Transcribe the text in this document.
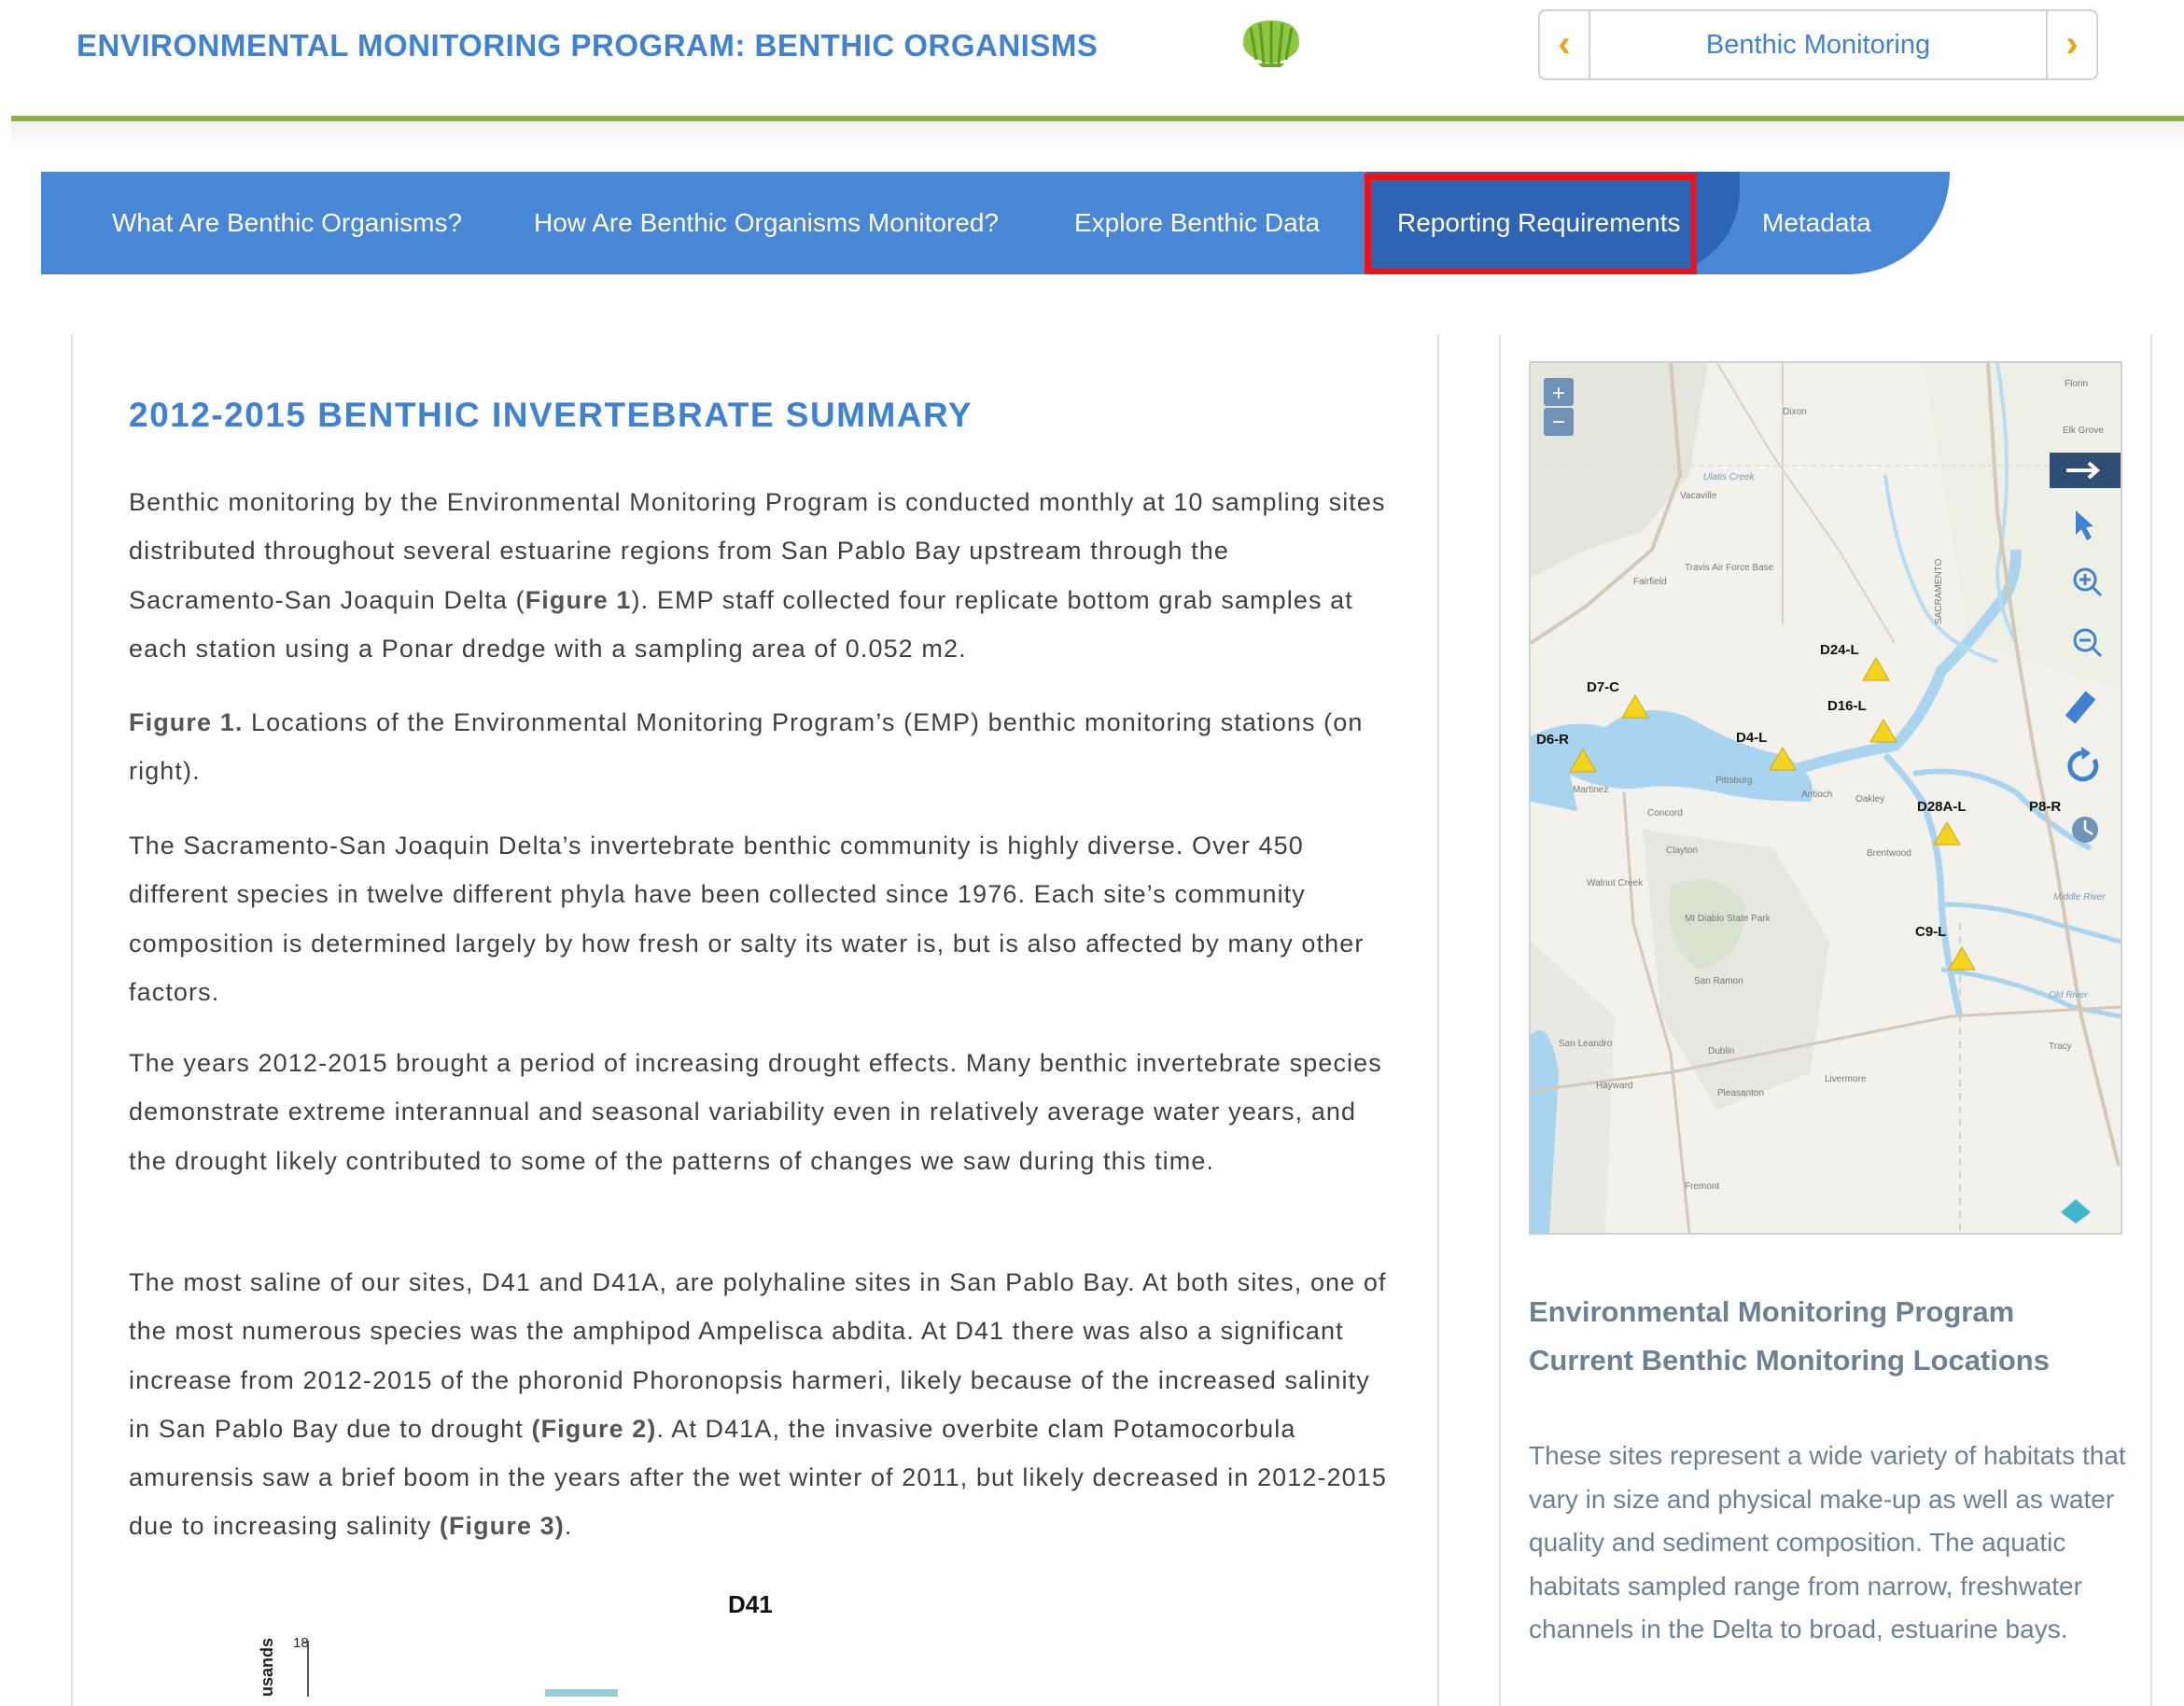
ENVIRONMENTAL MONITORING PROGRAM: BENTHIC ORGANISMS	‹	Benthic Monitoring	›
What Are Benthic Organisms?	How Are Benthic Organisms Monitored?	Explore Benthic Data	Reporting Requirements	Metadata
2012-2015 BENTHIC INVERTEBRATE SUMMARY
Benthic monitoring by the Environmental Monitoring Program is conducted monthly at 10 sampling sites distributed throughout several estuarine regions from San Pablo Bay upstream through the Sacramento-San Joaquin Delta (Figure 1). EMP staff collected four replicate bottom grab samples at each station using a Ponar dredge with a sampling area of 0.052 m2.
Figure 1. Locations of the Environmental Monitoring Program’s (EMP) benthic monitoring stations (on right).
The Sacramento-San Joaquin Delta’s invertebrate benthic community is highly diverse. Over 450 different species in twelve different phyla have been collected since 1976. Each site’s community composition is determined largely by how fresh or salty its water is, but is also affected by many other factors.
The years 2012-2015 brought a period of increasing drought effects. Many benthic invertebrate species demonstrate extreme interannual and seasonal variability even in relatively average water years, and the drought likely contributed to some of the patterns of changes we saw during this time.
The most saline of our sites, D41 and D41A, are polyhaline sites in San Pablo Bay. At both sites, one of the most numerous species was the amphipod Ampelisca abdita. At D41 there was also a significant increase from 2012-2015 of the phoronid Phoronopsis harmeri, likely because of the increased salinity in San Pablo Bay due to drought (Figure 2). At D41A, the invasive overbite clam Potamocorbula amurensis saw a brief boom in the years after the wet winter of 2011, but likely decreased in 2012-2015 due to increasing salinity (Figure 3).
D41
usands 18
Dixon
Florin
Elk Grove
Vacaville
Fairfield
Travis Air Force Base
Martinez
Pittsburg
Antioch Oakley
Concord
Clayton	Brentwood
Walnut Creek
Mt Diablo State Park
San Ramon
Dublin
Pleasanton
Livermore
Hayward
San Leandro	Tracy
Fremont
Ulatis Creek
Middle River
Old River
SACRAMENTO
+
−
D24-L
D7-C
D16-L
D6-R	D4-L
D28A-L	P8-R
C9-L
Environmental Monitoring Program
Current Benthic Monitoring Locations
These sites represent a wide variety of habitats that vary in size and physical make-up as well as water quality and sediment composition. The aquatic habitats sampled range from narrow, freshwater channels in the Delta to broad, estuarine bays.
